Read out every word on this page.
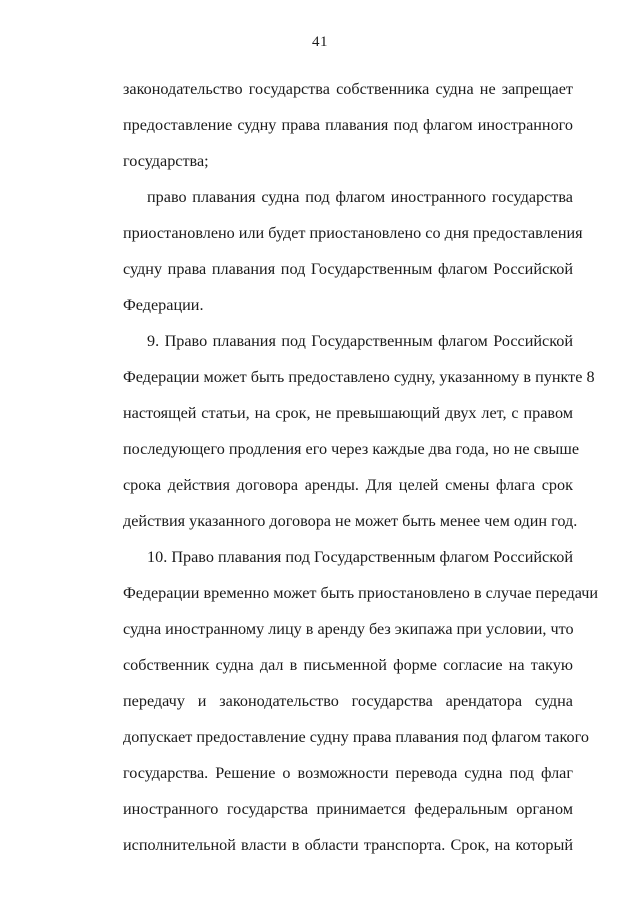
41
законодательство государства собственника судна не запрещает
предоставление судну права плавания под флагом иностранного
государства;
право плавания судна под флагом иностранного государства
приостановлено или будет приостановлено со дня предоставления
судну права плавания под Государственным флагом Российской
Федерации.
9. Право плавания под Государственным флагом Российской
Федерации может быть предоставлено судну, указанному в пункте 8
настоящей статьи, на срок, не превышающий двух лет, с правом
последующего продления его через каждые два года, но не свыше
срока действия договора аренды. Для целей смены флага срок
действия указанного договора не может быть менее чем один год.
10. Право плавания под Государственным флагом Российской
Федерации временно может быть приостановлено в случае передачи
судна иностранному лицу в аренду без экипажа при условии, что
собственник судна дал в письменной форме согласие на такую
передачу и законодательство государства арендатора судна
допускает предоставление судну права плавания под флагом такого
государства. Решение о возможности перевода судна под флаг
иностранного государства принимается федеральным органом
исполнительной власти в области транспорта. Срок, на который
